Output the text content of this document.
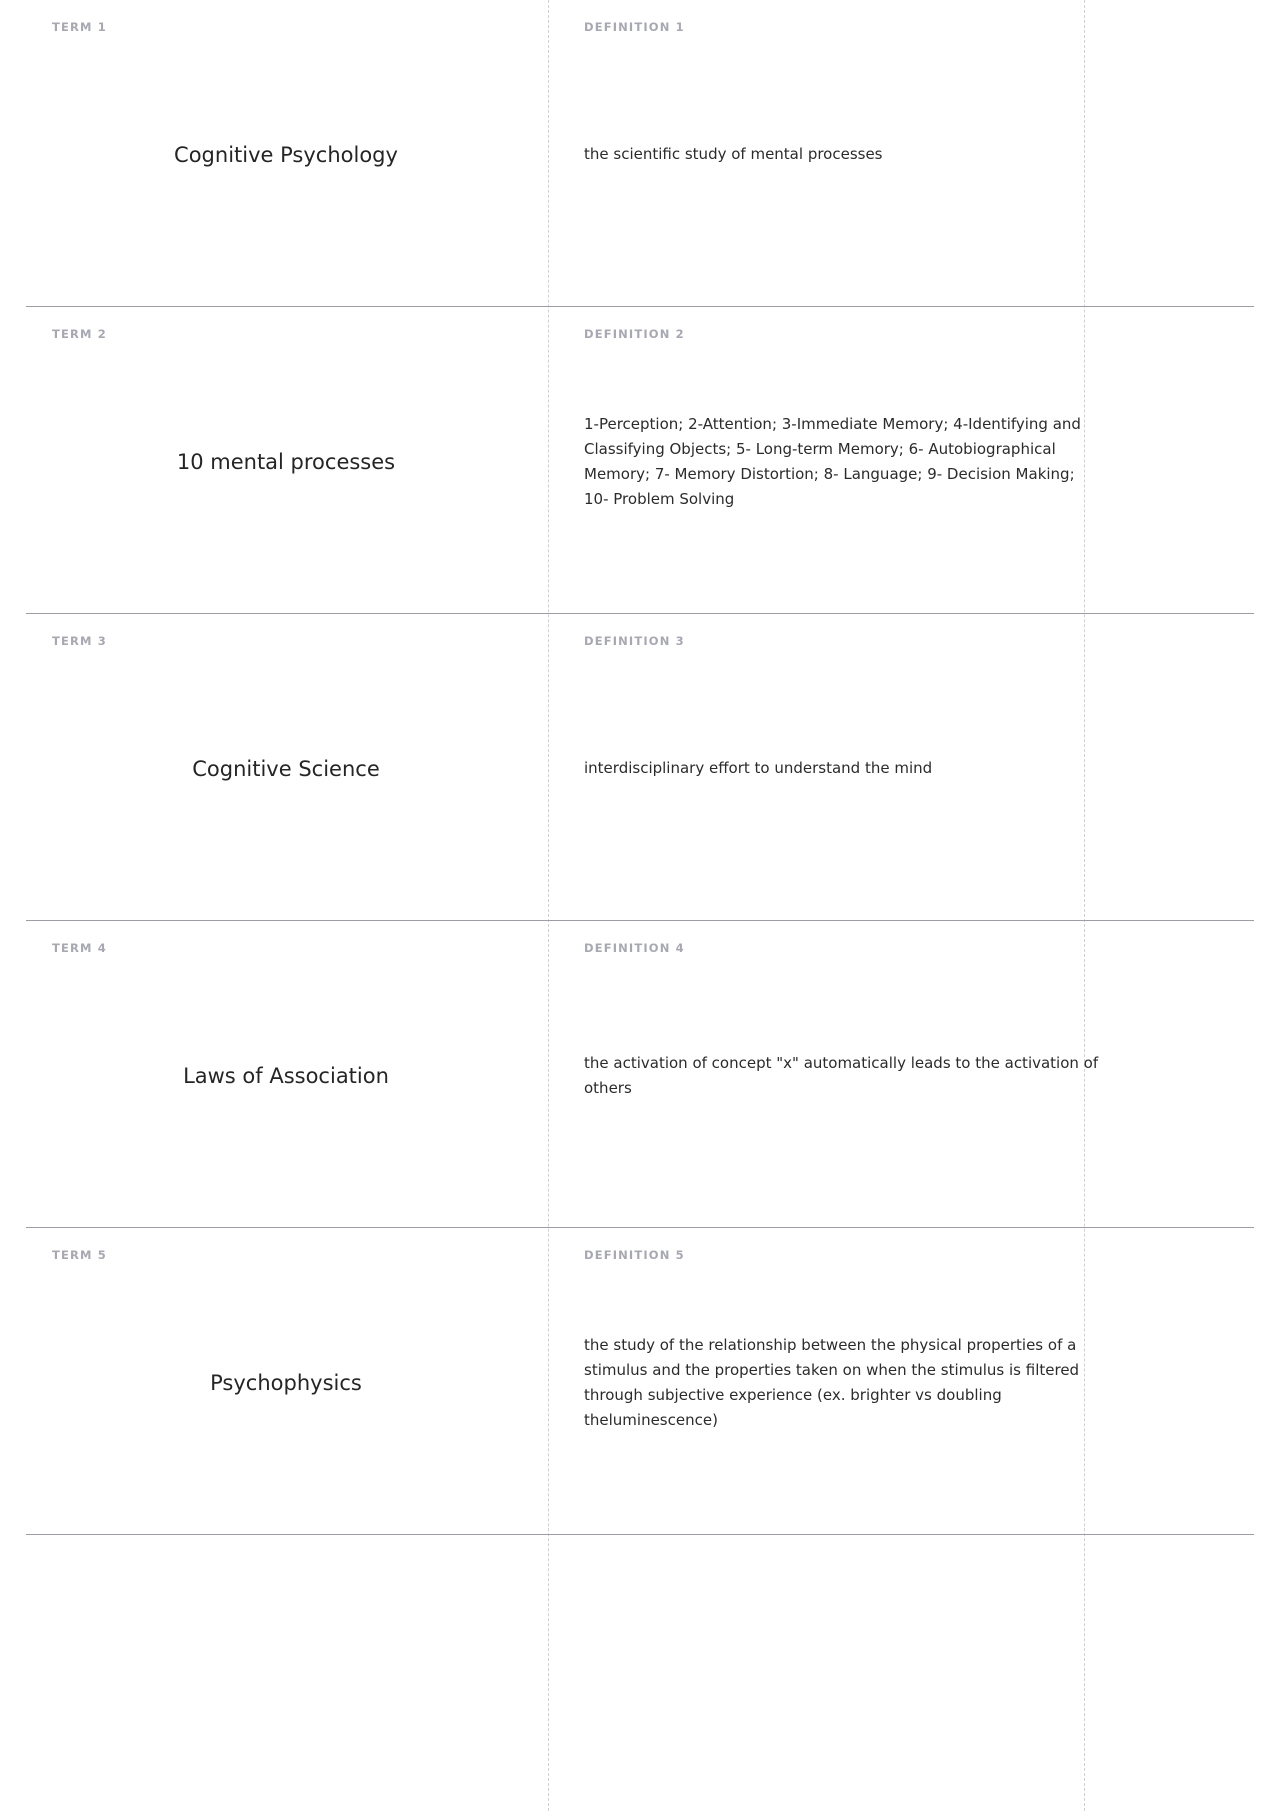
TERM 1
Cognitive Psychology
DEFINITION 1
the scientific study of mental processes
TERM 2
10 mental processes
DEFINITION 2
1-Perception; 2-Attention; 3-Immediate Memory; 4-Identifying and Classifying Objects; 5- Long-term Memory; 6- Autobiographical Memory; 7- Memory Distortion; 8- Language; 9- Decision Making; 10- Problem Solving
TERM 3
Cognitive Science
DEFINITION 3
interdisciplinary effort to understand the mind
TERM 4
Laws of Association
DEFINITION 4
the activation of concept "x" automatically leads to the activation of others
TERM 5
Psychophysics
DEFINITION 5
the study of the relationship between the physical properties of a stimulus and the properties taken on when the stimulus is filtered through subjective experience (ex. brighter vs doubling theluminescence)
